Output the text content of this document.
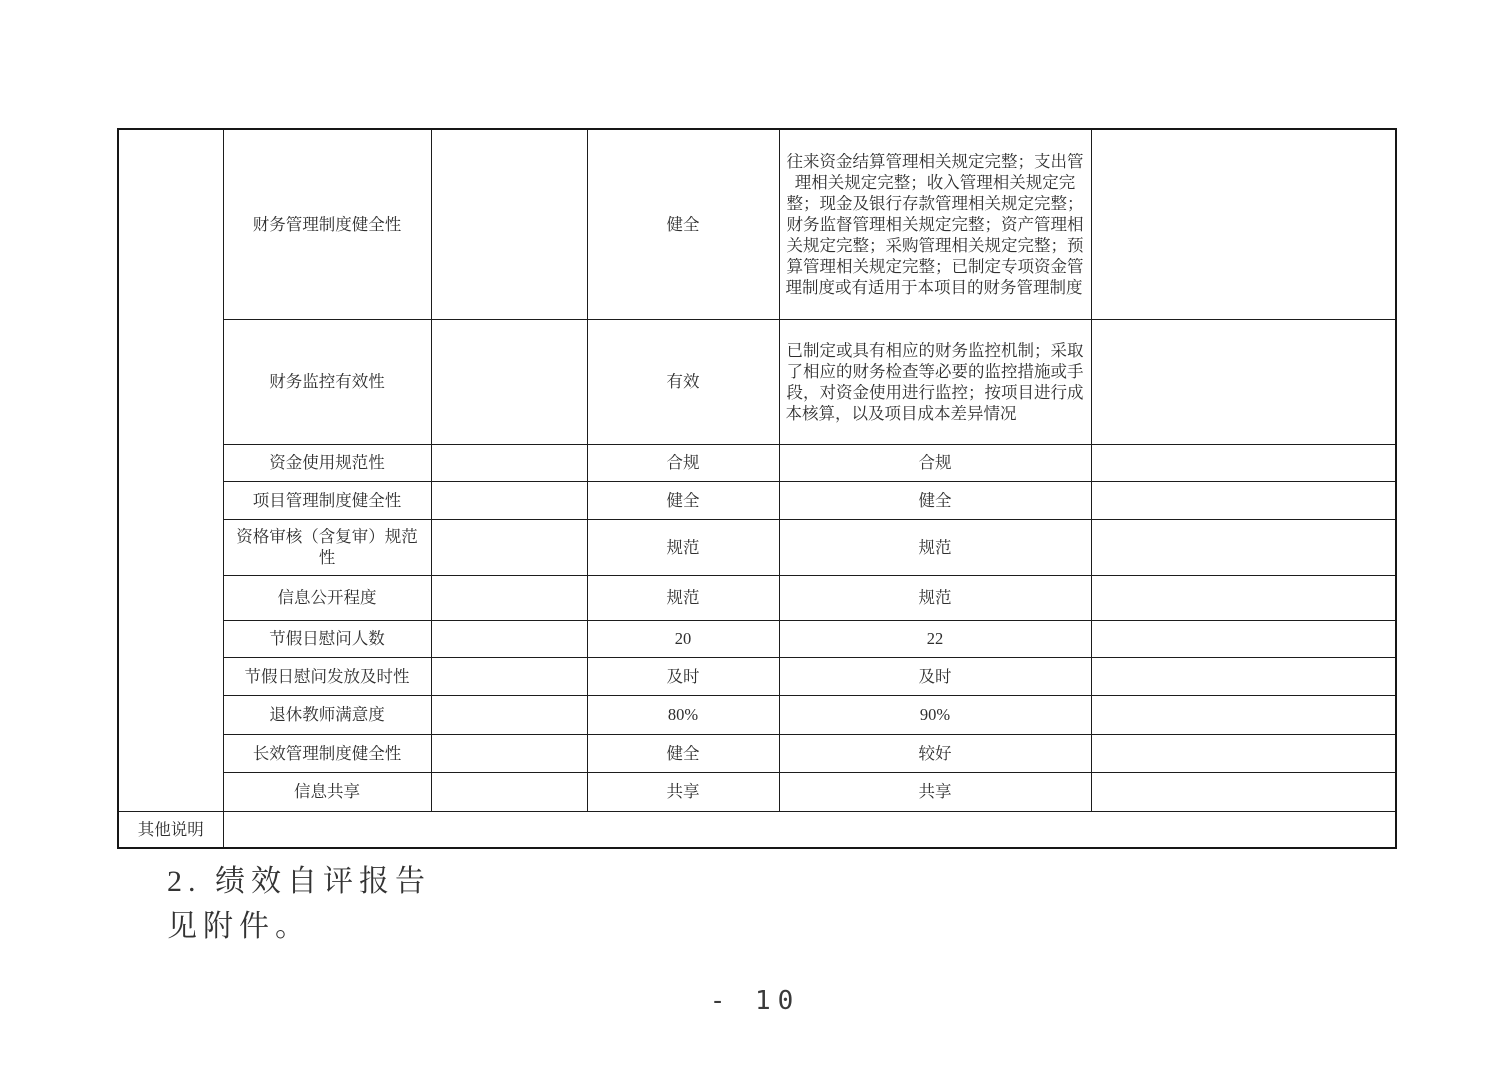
	财务管理制度健全性		健全	往来资金结算管理相关规定完整；支出管理相关规定完整；收入管理相关规定完整；现金及银行存款管理相关规定完整；财务监督管理相关规定完整；资产管理相关规定完整；采购管理相关规定完整；预算管理相关规定完整；已制定专项资金管理制度或有适用于本项目的财务管理制度	
	财务监控有效性		有效	已制定或具有相应的财务监控机制；采取了相应的财务检查等必要的监控措施或手段，对资金使用进行监控；按项目进行成本核算，以及项目成本差异情况	
	资金使用规范性		合规	合规	
	项目管理制度健全性		健全	健全	
	资格审核（含复审）规范性		规范	规范	
	信息公开程度		规范	规范	
	节假日慰问人数		20	22	
	节假日慰问发放及时性		及时	及时	
	退休教师满意度		80%	90%	
	长效管理制度健全性		健全	较好	
	信息共享		共享	共享	
其他说明					
2. 绩效自评报告
见附件。
- 10
